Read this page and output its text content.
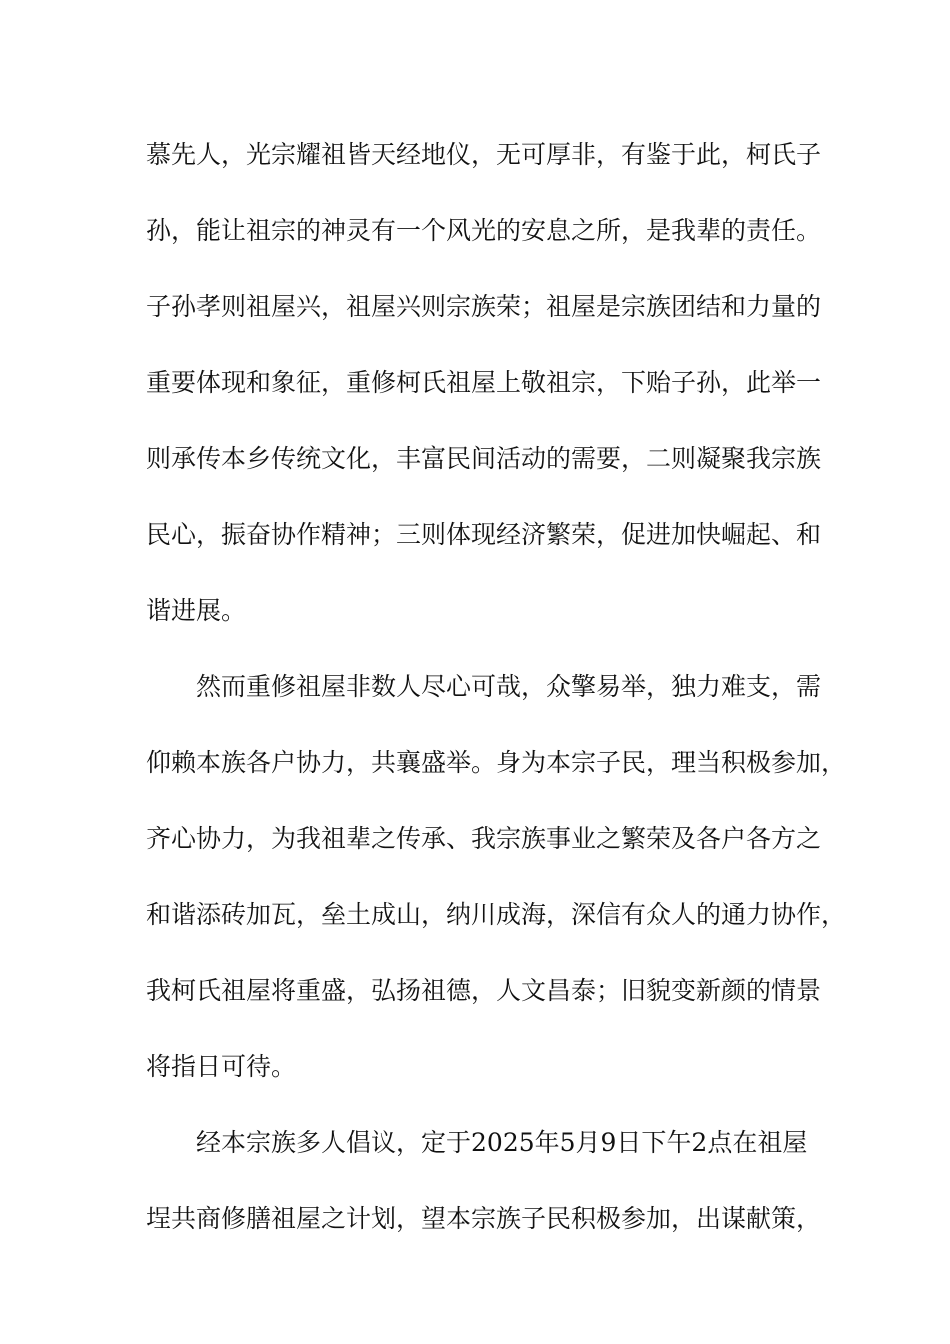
慕先人，光宗耀祖皆天经地仪，无可厚非，有鉴于此，柯氏子
孙，能让祖宗的神灵有一个风光的安息之所，是我辈的责任。
子孙孝则祖屋兴，祖屋兴则宗族荣；祖屋是宗族团结和力量的
重要体现和象征，重修柯氏祖屋上敬祖宗，下贻子孙，此举一
则承传本乡传统文化，丰富民间活动的需要，二则凝聚我宗族
民心，振奋协作精神；三则体现经济繁荣，促进加快崛起、和
谐进展。
　　然而重修祖屋非数人尽心可哉，众擎易举，独力难支，需
仰赖本族各户协力，共襄盛举。身为本宗子民，理当积极参加，
齐心协力，为我祖辈之传承、我宗族事业之繁荣及各户各方之
和谐添砖加瓦，垒土成山，纳川成海，深信有众人的通力协作，
我柯氏祖屋将重盛，弘扬祖德，人文昌泰；旧貌变新颜的情景
将指日可待。
　　经本宗族多人倡议，定于2025年5月9日下午2点在祖屋
埕共商修膳祖屋之计划，望本宗族子民积极参加，出谋献策，
